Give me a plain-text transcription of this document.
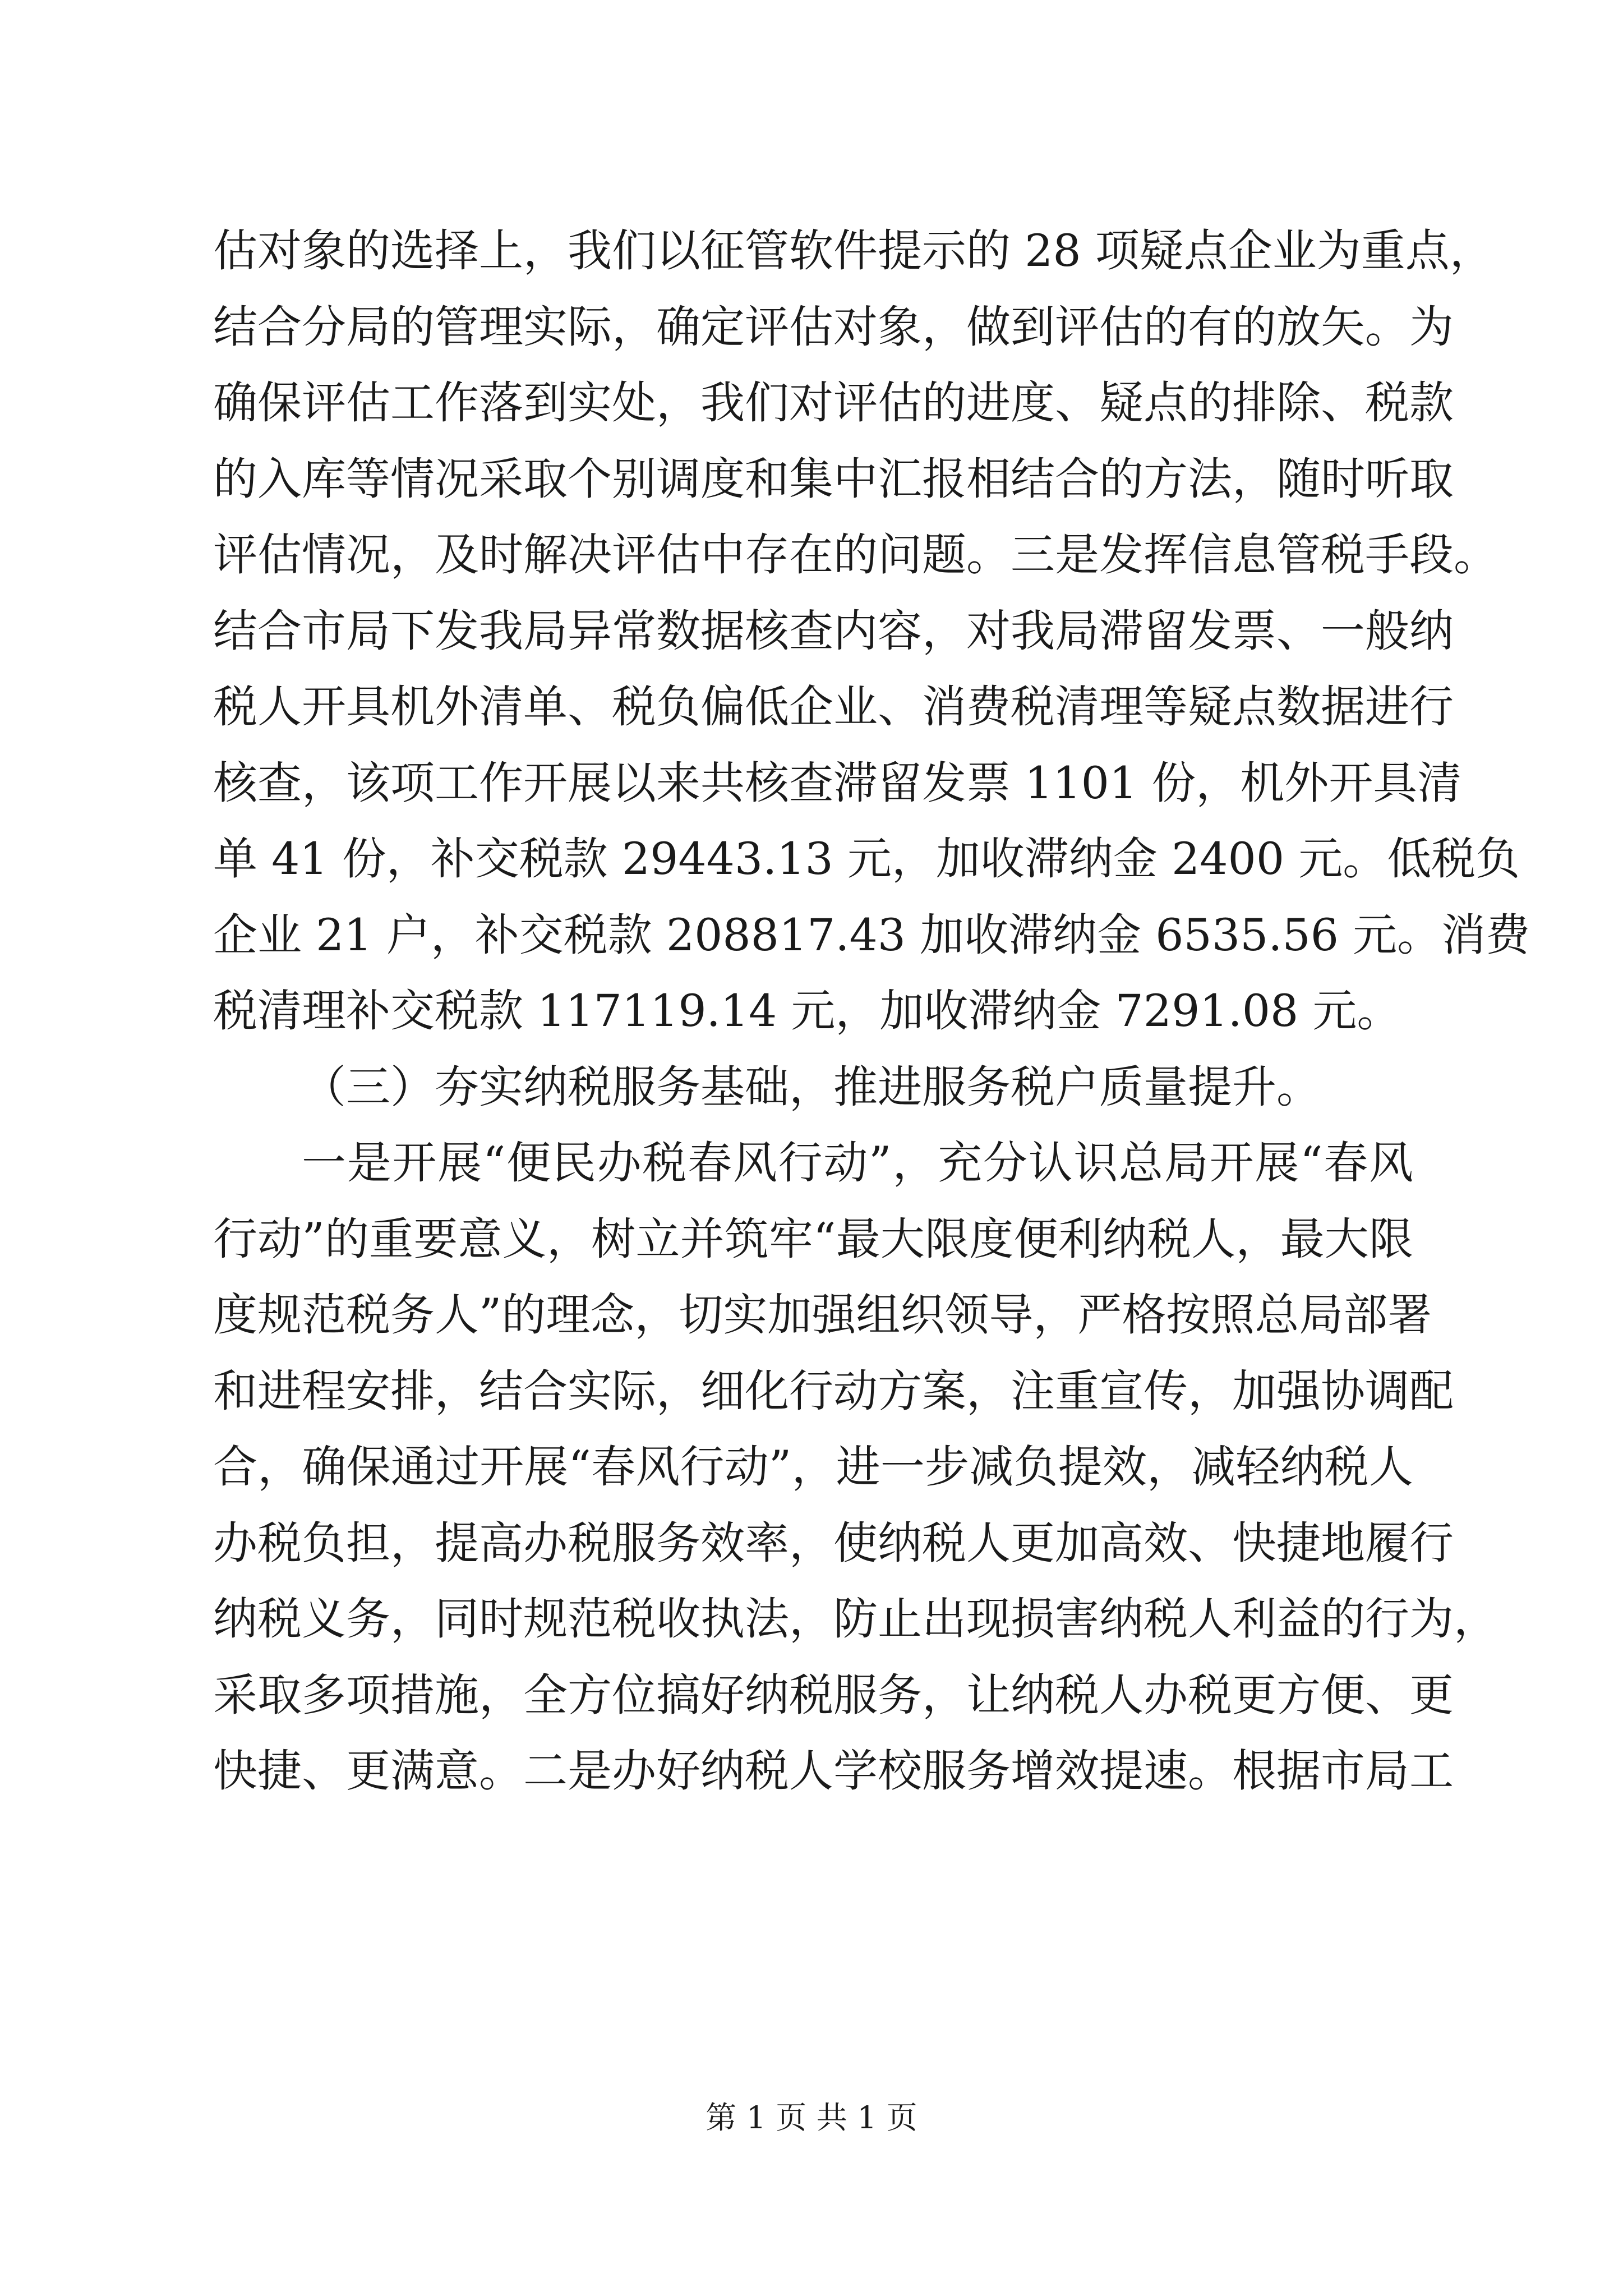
估对象的选择上，我们以征管软件提示的 28 项疑点企业为重点，
结合分局的管理实际，确定评估对象，做到评估的有的放矢。为
确保评估工作落到实处，我们对评估的进度、疑点的排除、税款
的入库等情况采取个别调度和集中汇报相结合的方法，随时听取
评估情况，及时解决评估中存在的问题。三是发挥信息管税手段。
结合市局下发我局异常数据核查内容，对我局滞留发票、一般纳
税人开具机外清单、税负偏低企业、消费税清理等疑点数据进行
核查，该项工作开展以来共核查滞留发票 1101 份，机外开具清
单 41 份，补交税款 29443.13 元，加收滞纳金 2400 元。低税负
企业 21 户，补交税款 208817.43 加收滞纳金 6535.56 元。消费
税清理补交税款 117119.14 元，加收滞纳金 7291.08 元。
（三）夯实纳税服务基础，推进服务税户质量提升。
一是开展“便民办税春风行动”，充分认识总局开展“春风
行动”的重要意义，树立并筑牢“最大限度便利纳税人，最大限
度规范税务人”的理念，切实加强组织领导，严格按照总局部署
和进程安排，结合实际，细化行动方案，注重宣传，加强协调配
合，确保通过开展“春风行动”，进一步减负提效，减轻纳税人
办税负担，提高办税服务效率，使纳税人更加高效、快捷地履行
纳税义务，同时规范税收执法，防止出现损害纳税人利益的行为，
采取多项措施，全方位搞好纳税服务，让纳税人办税更方便、更
快捷、更满意。二是办好纳税人学校服务增效提速。根据市局工
第 1 页 共 1 页
